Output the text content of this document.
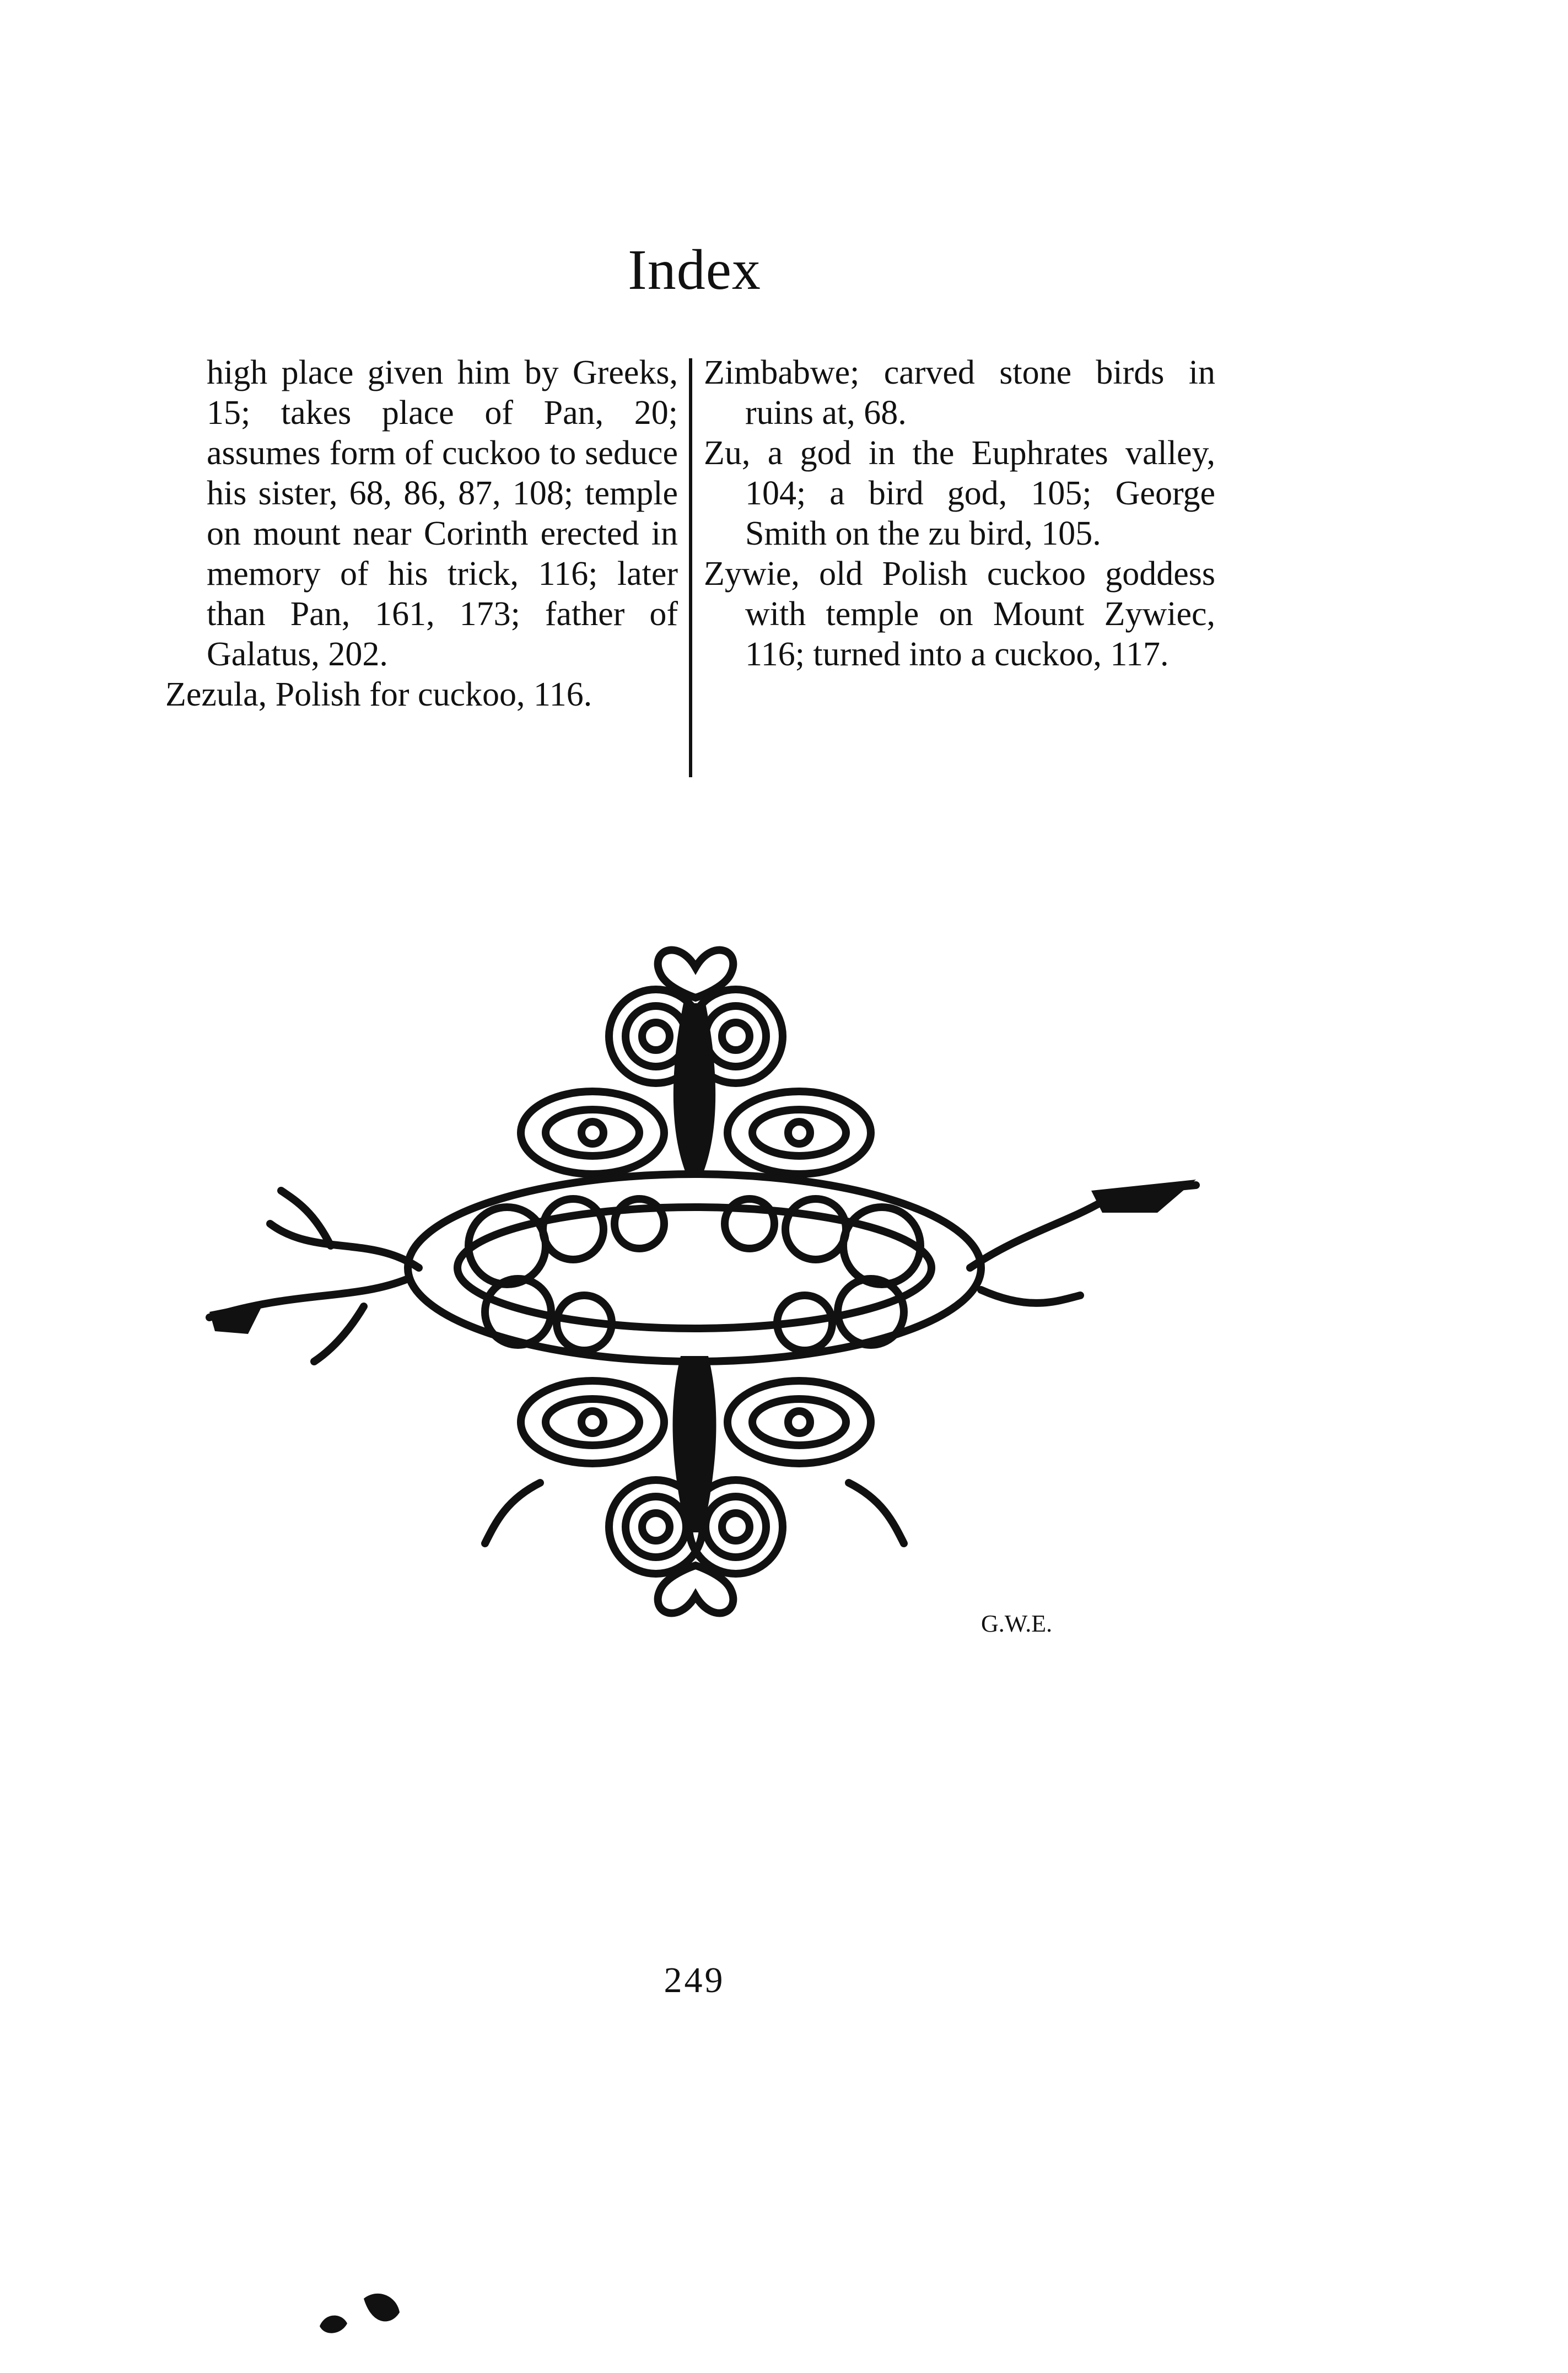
Index

high place given him by Greeks, 15; takes place of Pan, 20; assumes form of cuckoo to seduce his sister, 68, 86, 87, 108; temple on mount near Corinth erected in memory of his trick, 116; later than Pan, 161, 173; father of Galatus, 202.

Zezula, Polish for cuckoo, 116.

Zimbabwe; carved stone birds in ruins at, 68.

Zu, a god in the Euphrates valley, 104; a bird god, 105; George Smith on the zu bird, 105.

Zywie, old Polish cuckoo goddess with temple on Mount Zywiec, 116; turned into a cuckoo, 117.

G.W.E.
249
